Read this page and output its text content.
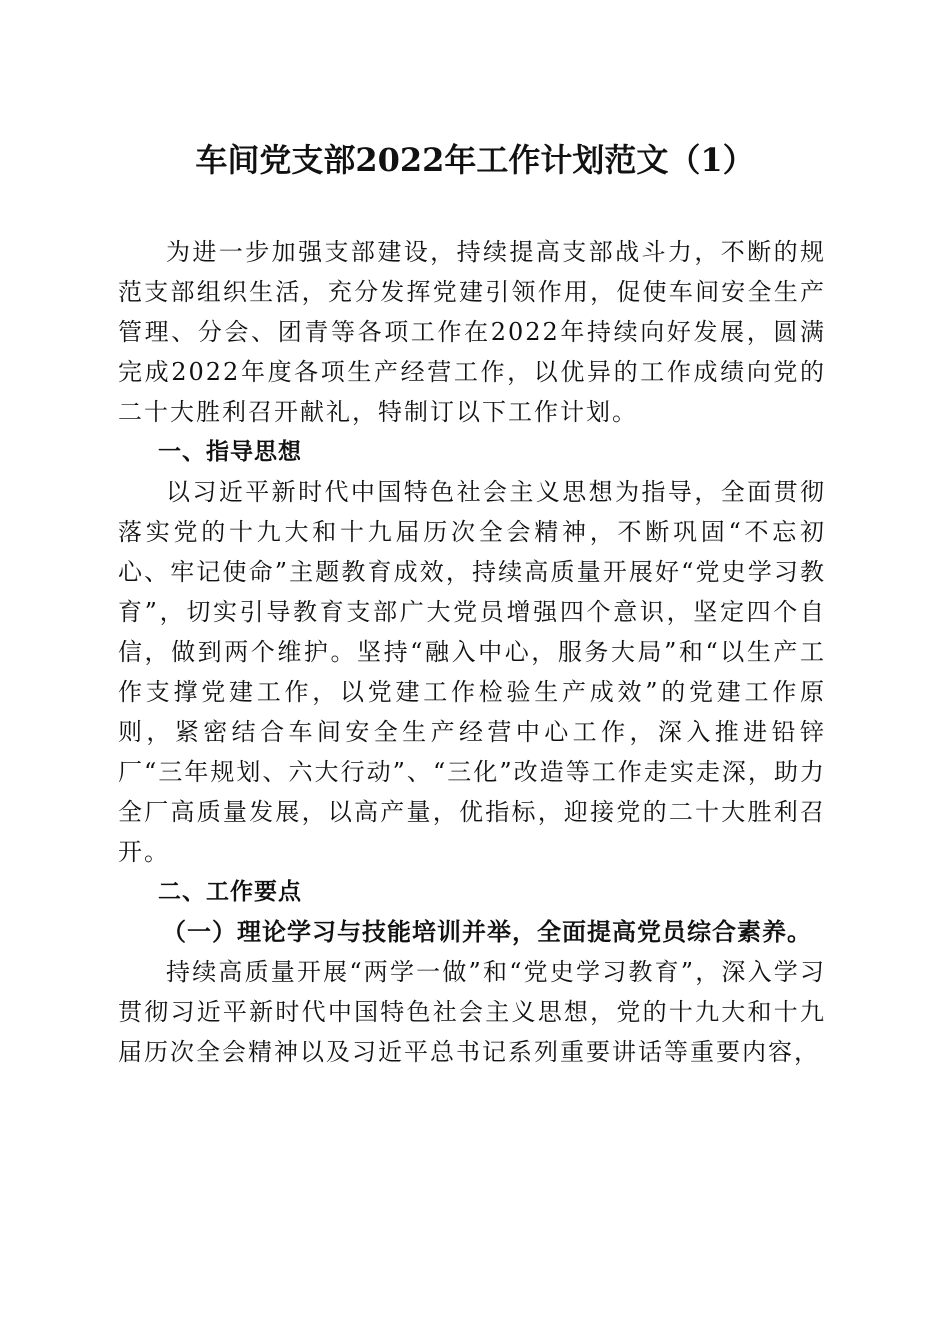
车间党支部2022年工作计划范文（1）

为进一步加强支部建设，持续提高支部战斗力，不断的规范支部组织生活，充分发挥党建引领作用，促使车间安全生产管理、分会、团青等各项工作在2022年持续向好发展，圆满完成2022年度各项生产经营工作，以优异的工作成绩向党的二十大胜利召开献礼，特制订以下工作计划。

一、指导思想

以习近平新时代中国特色社会主义思想为指导，全面贯彻落实党的十九大和十九届历次全会精神，不断巩固“不忘初心、牢记使命”主题教育成效，持续高质量开展好“党史学习教育”，切实引导教育支部广大党员增强四个意识，坚定四个自信，做到两个维护。坚持“融入中心，服务大局”和“以生产工作支撑党建工作，以党建工作检验生产成效”的党建工作原则，紧密结合车间安全生产经营中心工作，深入推进铅锌厂“三年规划、六大行动”、“三化”改造等工作走实走深，助力全厂高质量发展，以高产量，优指标，迎接党的二十大胜利召开。

二、工作要点

（一）理论学习与技能培训并举，全面提高党员综合素养。

持续高质量开展“两学一做”和“党史学习教育”，深入学习贯彻习近平新时代中国特色社会主义思想，党的十九大和十九届历次全会精神以及习近平总书记系列重要讲话等重要内容，
